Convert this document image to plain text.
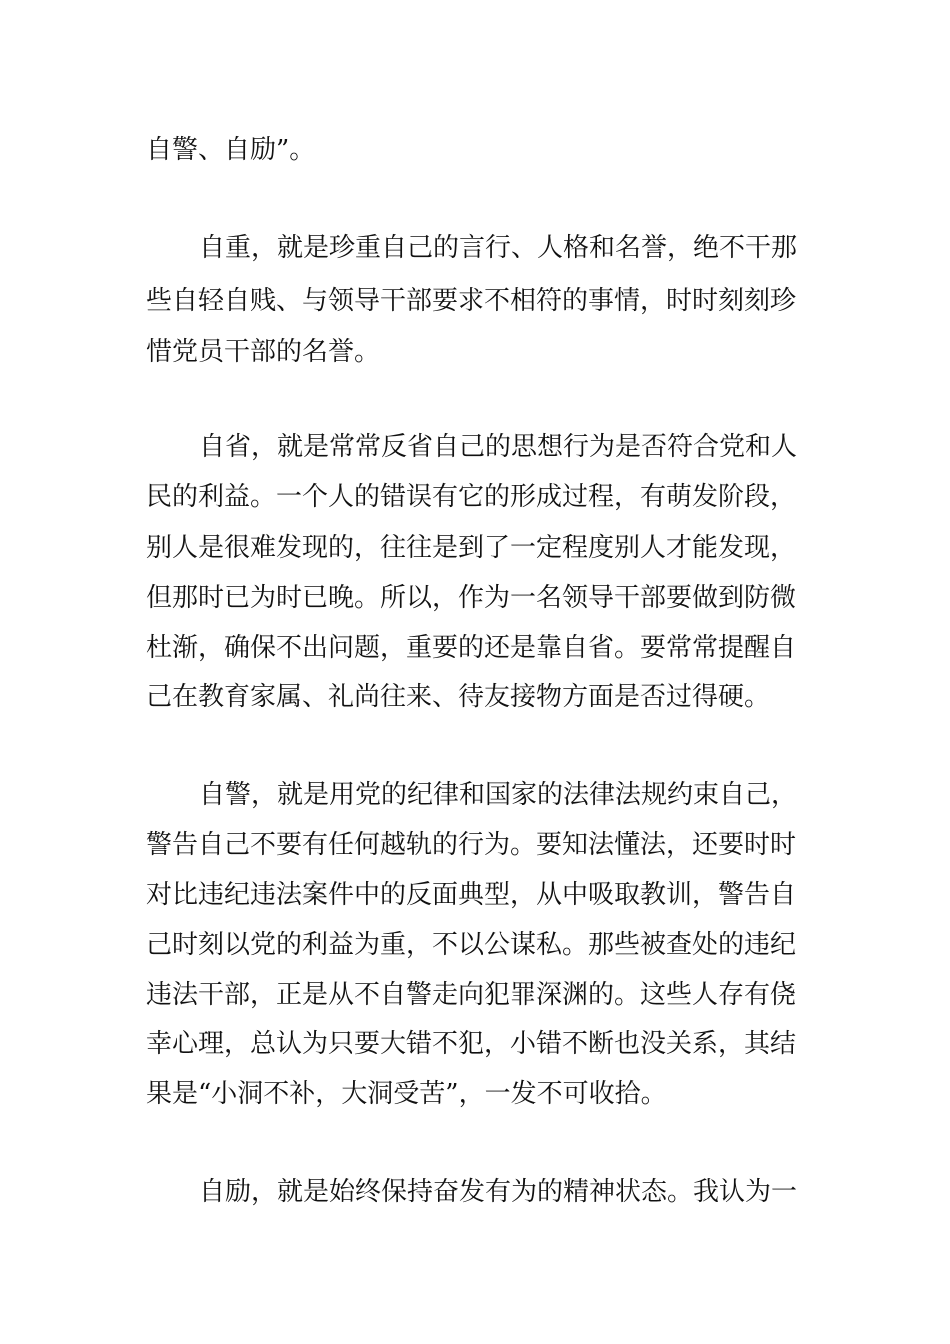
自警、自励”。
自重，就是珍重自己的言行、人格和名誉，绝不干那
些自轻自贱、与领导干部要求不相符的事情，时时刻刻珍
惜党员干部的名誉。
自省，就是常常反省自己的思想行为是否符合党和人
民的利益。一个人的错误有它的形成过程，有萌发阶段，
别人是很难发现的，往往是到了一定程度别人才能发现，
但那时已为时已晚。所以，作为一名领导干部要做到防微
杜渐，确保不出问题，重要的还是靠自省。要常常提醒自
己在教育家属、礼尚往来、待友接物方面是否过得硬。
自警，就是用党的纪律和国家的法律法规约束自己，
警告自己不要有任何越轨的行为。要知法懂法，还要时时
对比违纪违法案件中的反面典型，从中吸取教训，警告自
己时刻以党的利益为重，不以公谋私。那些被查处的违纪
违法干部，正是从不自警走向犯罪深渊的。这些人存有侥
幸心理，总认为只要大错不犯，小错不断也没关系，其结
果是“小洞不补，大洞受苦”，一发不可收拾。
自励，就是始终保持奋发有为的精神状态。我认为一
